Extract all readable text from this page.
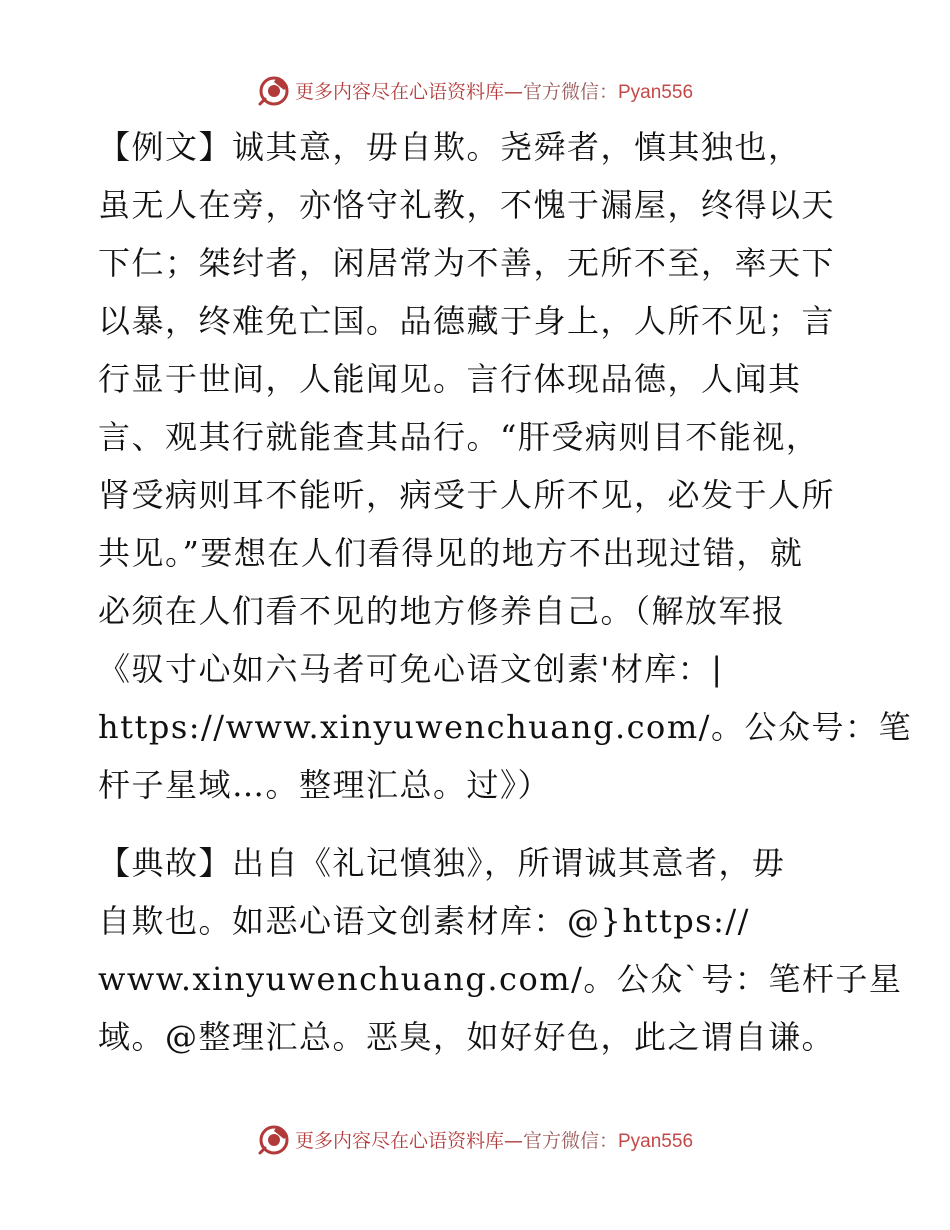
更多内容尽在心语资料库—官方微信：Pyan556
【例文】诚其意，毋自欺。尧舜者，慎其独也，
虽无人在旁，亦恪守礼教，不愧于漏屋，终得以天
下仁；桀纣者，闲居常为不善，无所不至，率天下
以暴，终难免亡国。品德藏于身上，人所不见；言
行显于世间，人能闻见。言行体现品德，人闻其
言、观其行就能查其品行。“肝受病则目不能视，
肾受病则耳不能听，病受于人所不见，必发于人所
共见。”要想在人们看得见的地方不出现过错，就
必须在人们看不见的地方修养自己。（解放军报
《驭寸心如六马者可免心语文创素'材库：|
https://www.xinyuwenchuang.com/。公众号：笔
杆子星域…。整理汇总。过》）
【典故】出自《礼记慎独》，所谓诚其意者，毋
自欺也。如恶心语文创素材库：@}https://
www.xinyuwenchuang.com/。公众`号：笔杆子星
域。@整理汇总。恶臭，如好好色，此之谓自谦。
更多内容尽在心语资料库—官方微信：Pyan556
